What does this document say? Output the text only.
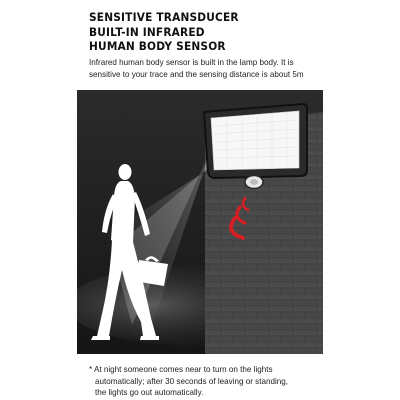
SENSITIVE TRANSDUCER
BUILT-IN INFRARED
HUMAN BODY SENSOR
Infrared human body sensor is built in the lamp body. It is
sensitive to your trace and the sensing distance is about 5m
* At night someone comes near to turn on the lights
automatically; after 30 seconds of leaving or standing,
the lights go out automatically.
